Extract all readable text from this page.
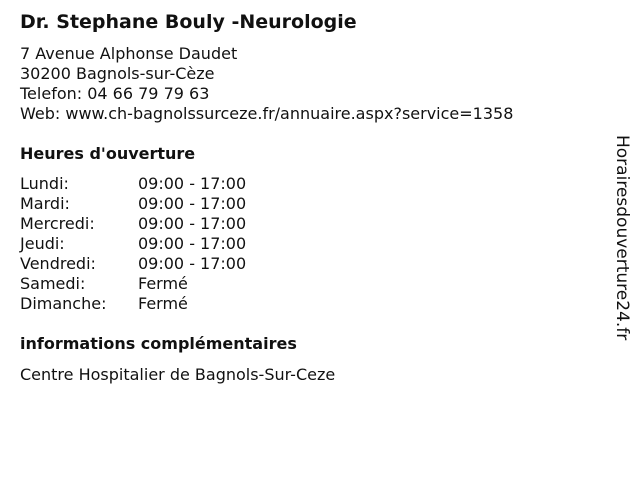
Dr. Stephane Bouly -Neurologie
7 Avenue Alphonse Daudet
30200 Bagnols-sur-Cèze
Telefon: 04 66 79 79 63
Web: www.ch-bagnolssurceze.fr/annuaire.aspx?service=1358
Heures d'ouverture
Lundi:	09:00 - 17:00
Mardi:	09:00 - 17:00
Mercredi:	09:00 - 17:00
Jeudi:	09:00 - 17:00
Vendredi:	09:00 - 17:00
Samedi:	Fermé
Dimanche:	Fermé
informations complémentaires
Centre Hospitalier de Bagnols-Sur-Ceze
Horairesdouverture24.fr
